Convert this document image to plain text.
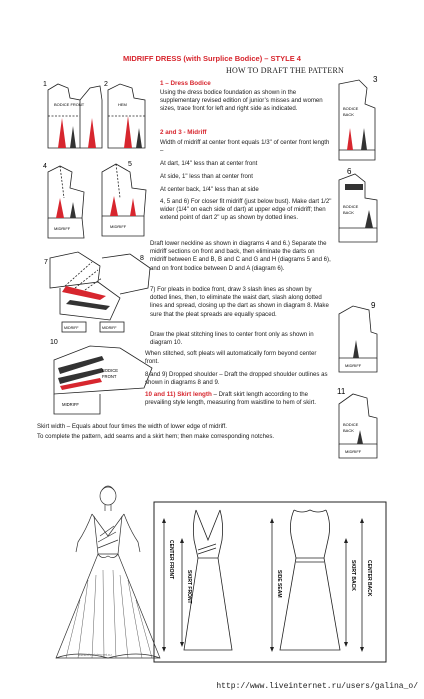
MIDRIFF DRESS (with Surplice Bodice) – STYLE 4
HOW TO DRAFT THE PATTERN
1 – Dress Bodice
Using the dress bodice foundation as shown in the supplementary revised edition of junior’s misses and women sizes, trace front for left and right side as indicated.
2 and 3 - Midriff
Width of midriff at center front equals 1/3" of center front length –
At dart, 1/4" less than at center front
At side, 1" less than at center front
At center back, 1/4" less than at side
4, 5 and 6) For closer fit midriff (just below bust). Make dart 1/2" wider (1/4" on each side of dart) at upper edge of midriff; then extend point of dart 2" up as shown by dotted lines.
Draft lower neckline as shown in diagrams 4 and 6.) Separate the midriff sections on front and back, then eliminate the darts on midriff between E and B, B and C and G and H (diagrams 5 and 6), and on front bodice between D and A (diagram 6).
7) For pleats in bodice front, draw 3 slash lines as shown by dotted lines, then, to eliminate the waist dart, slash along dotted lines and spread, closing up the dart as shown in diagram 8. Make sure that the pleat spreads are equally spaced.
Draw the pleat stitching lines to center front only as shown in diagram 10.
When stitched, soft pleats will automatically form beyond center front.
8 and 9) Dropped shoulder – Draft the dropped shoulder outlines as shown in diagrams 8 and 9.
10 and 11) Skirt length – Draft skirt length according to the prevailing style length, measuring from waistline to hem of skirt.
Skirt width – Equals about four times the width of lower edge of midriff.
To complete the pattern, add seams and a skirt hem; then make corresponding notches.
BODICE FRONT	HEM
1	2
MIDRIFF	MIDRIFF
4	5
MIDRIFF	MIDRIFF
7
8
BODICE
FRONT
MIDRIFF
10
BODICE
BACK
3
BODICE
BACK
6
MIDRIFF
9
BODICE
BACK
MIDRIFF
11
www.liveinternet.ru
CENTER FRONT
SKIRT FRONT	SIDE SEAM	SKIRT BACK CENTER BACK
http://www.liveinternet.ru/users/galina_o/
